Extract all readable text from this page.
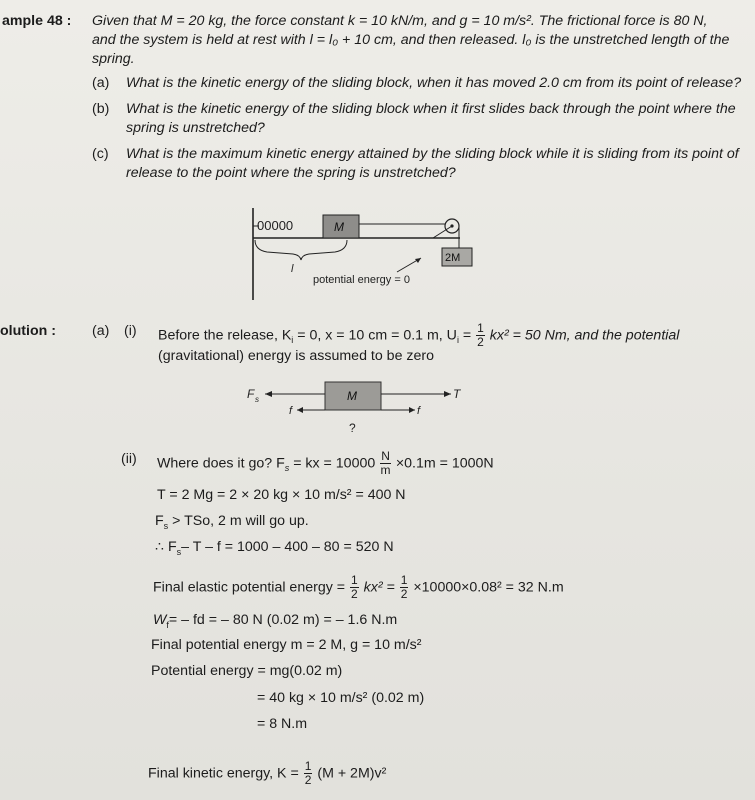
ample 48 : Given that M = 20 kg, the force constant k = 10 kN/m, and g = 10 m/s². The frictional force is 80 N,
and the system is held at rest with l = l₀ + 10 cm, and then released. l₀ is the unstretched length of the
spring.
(a) What is the kinetic energy of the sliding block, when it has moved 2.0 cm from its point of release?
(b) What is the kinetic energy of the sliding block when it first slides back through the point where the
spring is unstretched?
(c) What is the maximum kinetic energy attained by the sliding block while it is sliding from its point of
release to the point where the spring is unstretched?
00000	M
2M
l
potential energy = 0
olution :	(a) (i) Before the release, $K_i = 0$, x = 10 cm = 0.1 m, $U_i = \frac{1}{2} kx^2 = 50$ Nm, and the potential
(gravitational) energy is assumed to be zero
M
F s	T
f	f
?
(ii) Where does it go? $F_s$ = kx = $10000 \frac{N}{m} \times 0.1m = 1000N$
T = 2 Mg = 2 × 20 kg × 10 m/s² = 400 N
$F_s$ > TSo, 2 m will go up.
∴ $F_s-$ T – f = 1000 – 400 – 80 = 520 N
Final elastic potential energy = $\frac{1}{2} kx^2 = \frac{1}{2} \times 10000\times 0.08^2 = 32$ N.m
$W_f=$ – fd = – 80 N (0.02 m) = – 1.6 N.m
Final potential energy m = 2 M, g = 10 m/s²
Potential energy = mg(0.02 m)
= 40 kg × 10 m/s² (0.02 m)
= 8 N.m
Final kinetic energy, $K = \frac{1}{2} (M + 2M)v^2$
